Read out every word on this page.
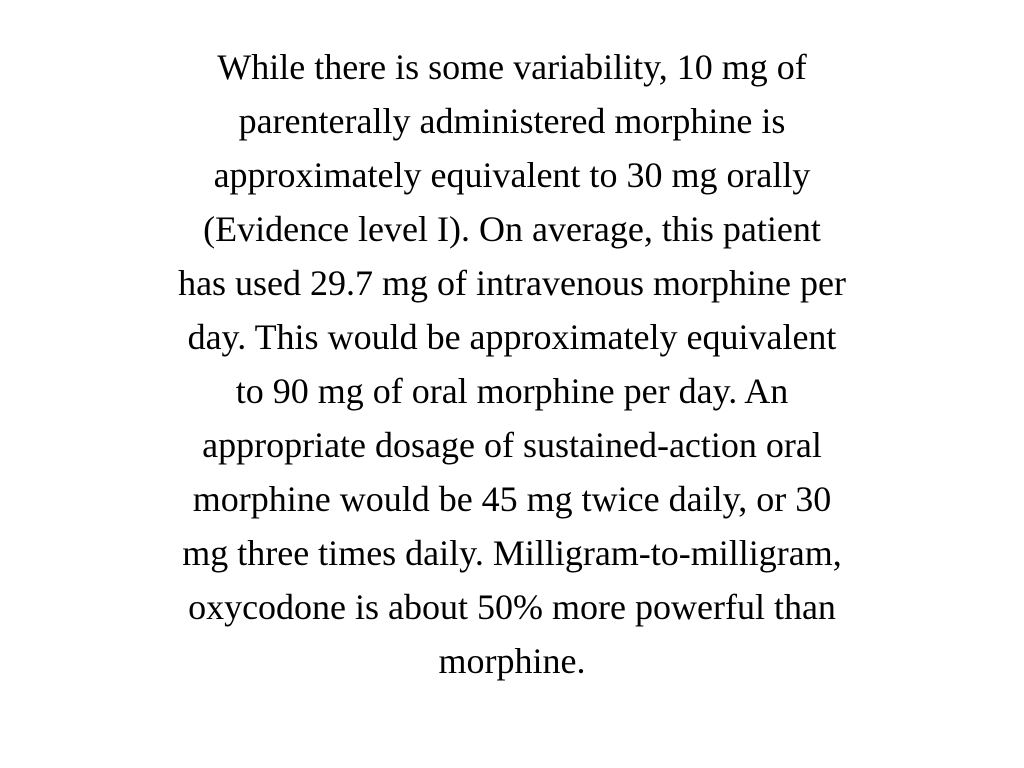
While there is some variability, 10 mg of
parenterally administered morphine is
approximately equivalent to 30 mg orally
(Evidence level I). On average, this patient
has used 29.7 mg of intravenous morphine per
day. This would be approximately equivalent
to 90 mg of oral morphine per day. An
appropriate dosage of sustained-action oral
morphine would be 45 mg twice daily, or 30
mg three times daily. Milligram-to-milligram,
oxycodone is about 50% more powerful than
morphine.
